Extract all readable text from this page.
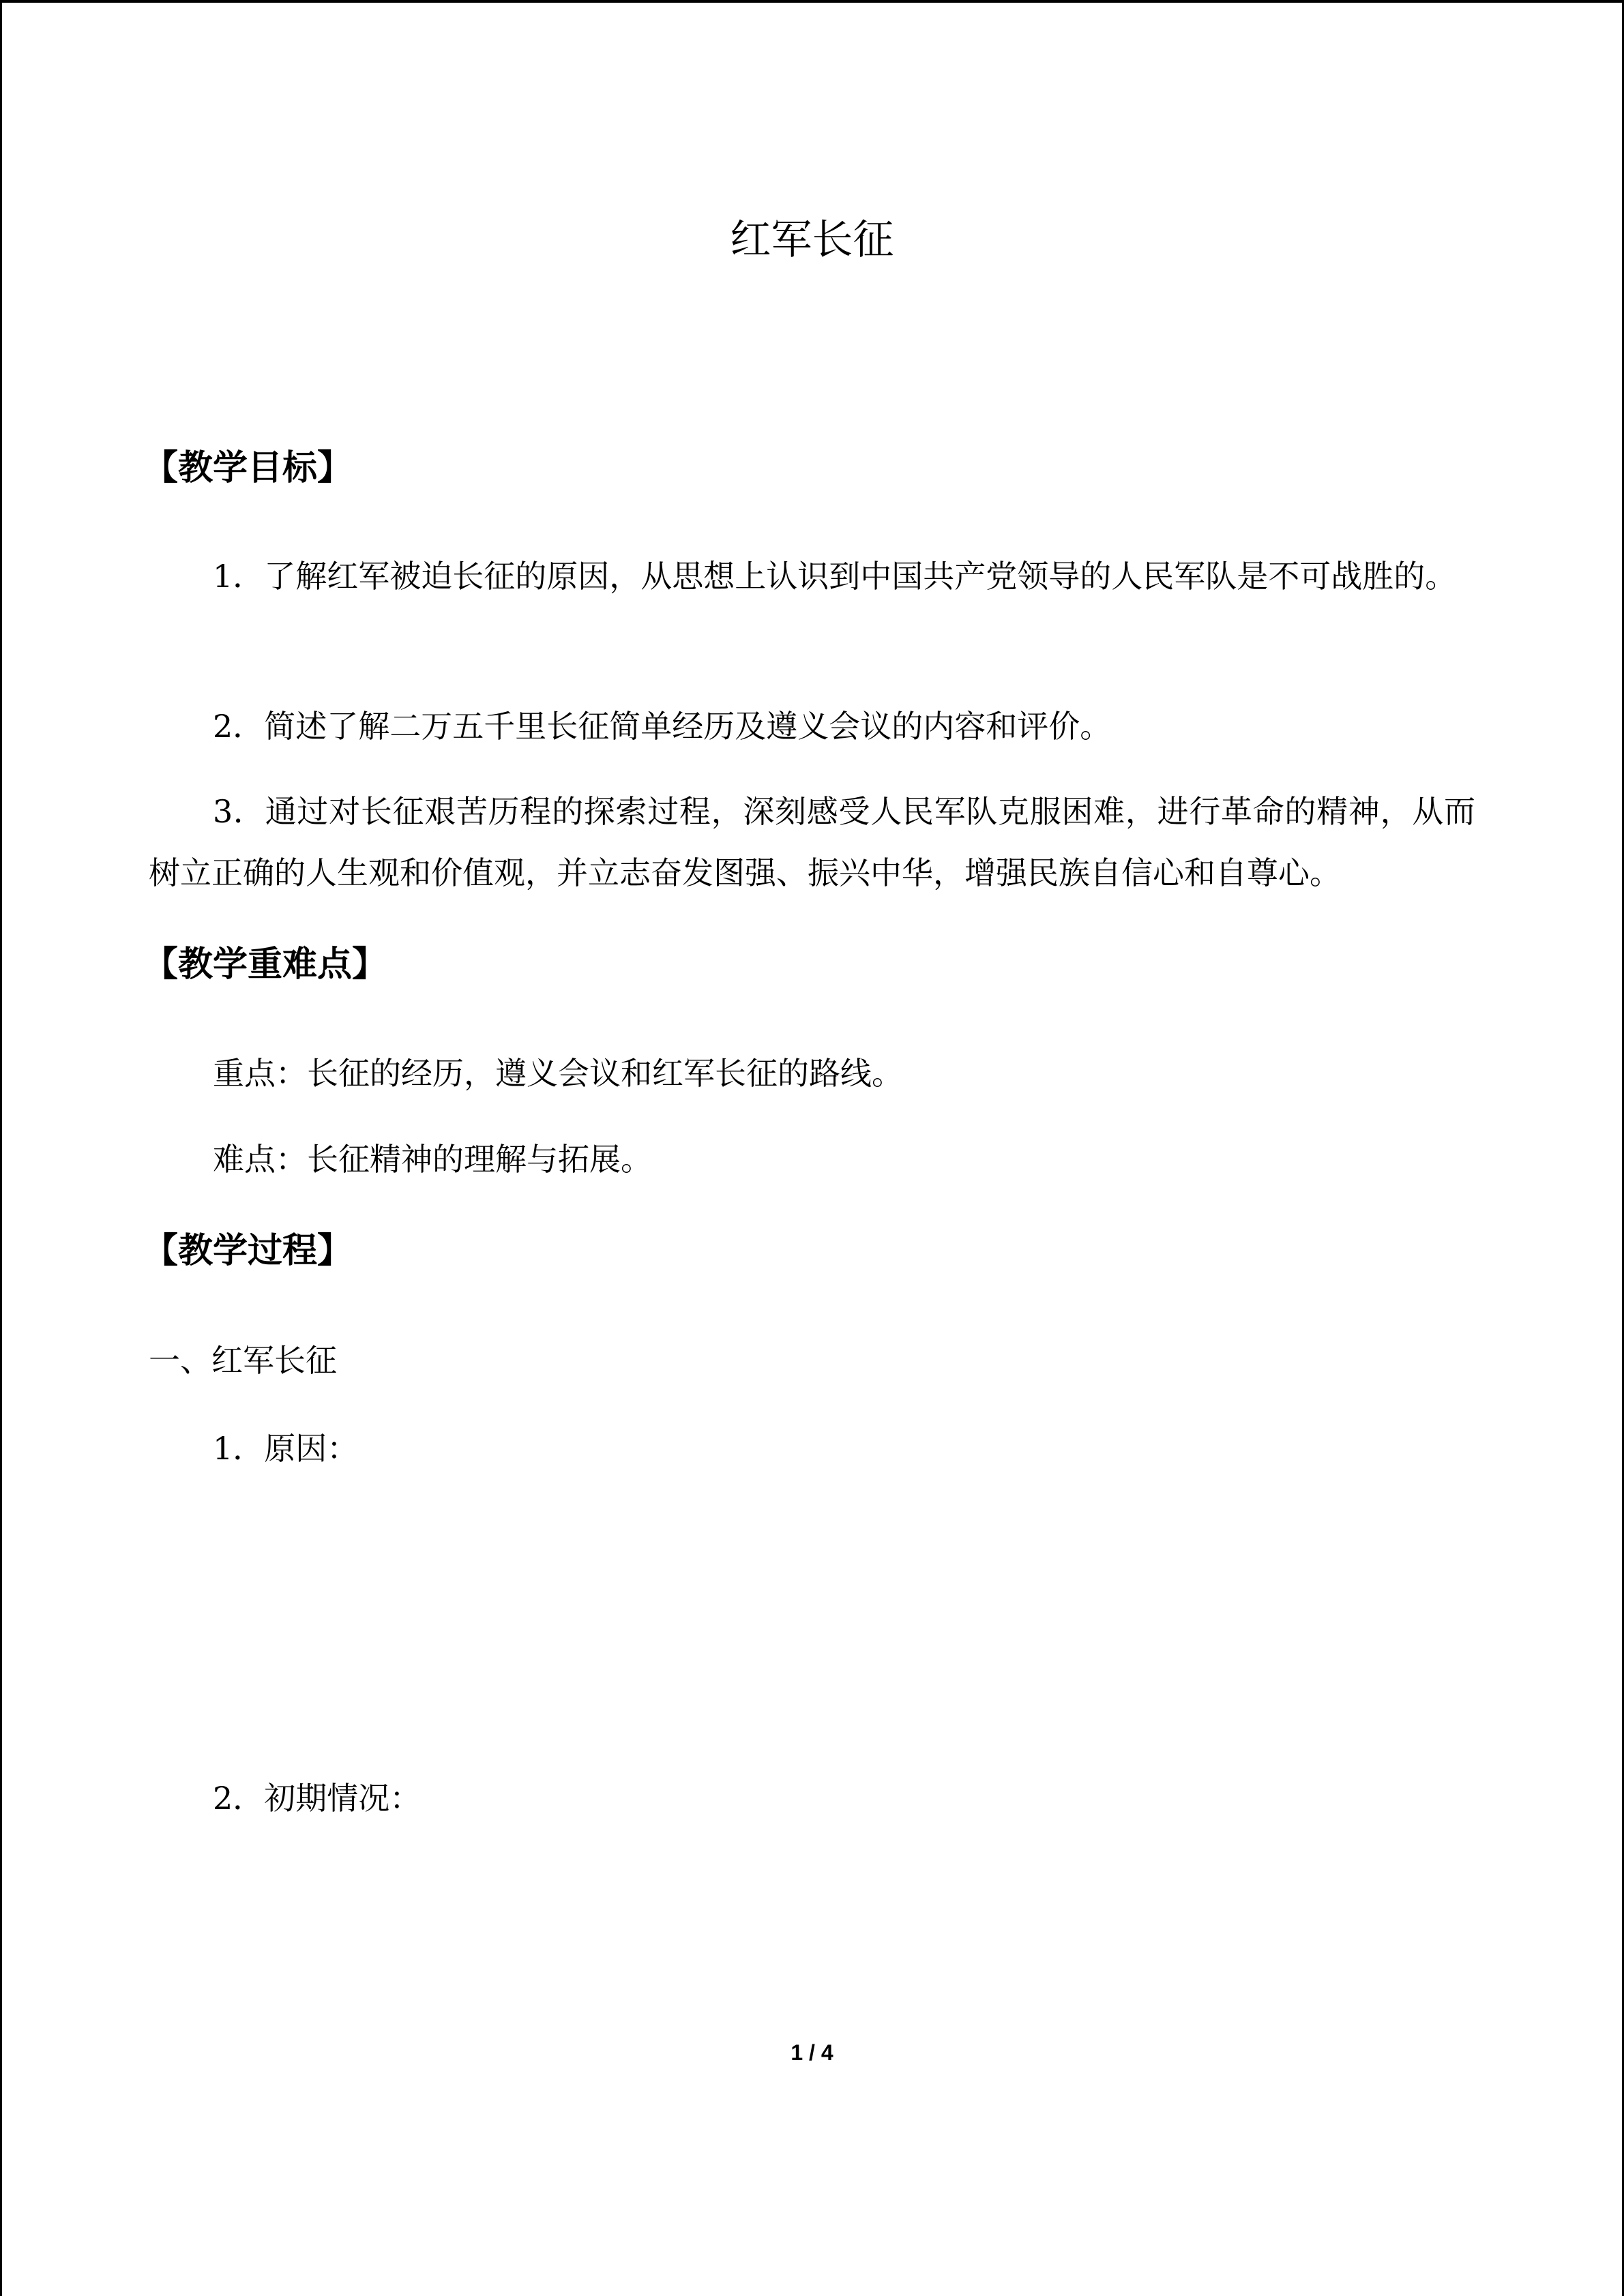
红军长征
【教学目标】

1．了解红军被迫长征的原因，从思想上认识到中国共产党领导的人民军队是不可战胜的。

2．简述了解二万五千里长征简单经历及遵义会议的内容和评价。

3．通过对长征艰苦历程的探索过程，深刻感受人民军队克服困难，进行革命的精神，从而树立正确的人生观和价值观，并立志奋发图强、振兴中华，增强民族自信心和自尊心。

【教学重难点】

重点：长征的经历，遵义会议和红军长征的路线。

难点：长征精神的理解与拓展。

【教学过程】

一、红军长征

1．原因：

2．初期情况：

1 / 4
